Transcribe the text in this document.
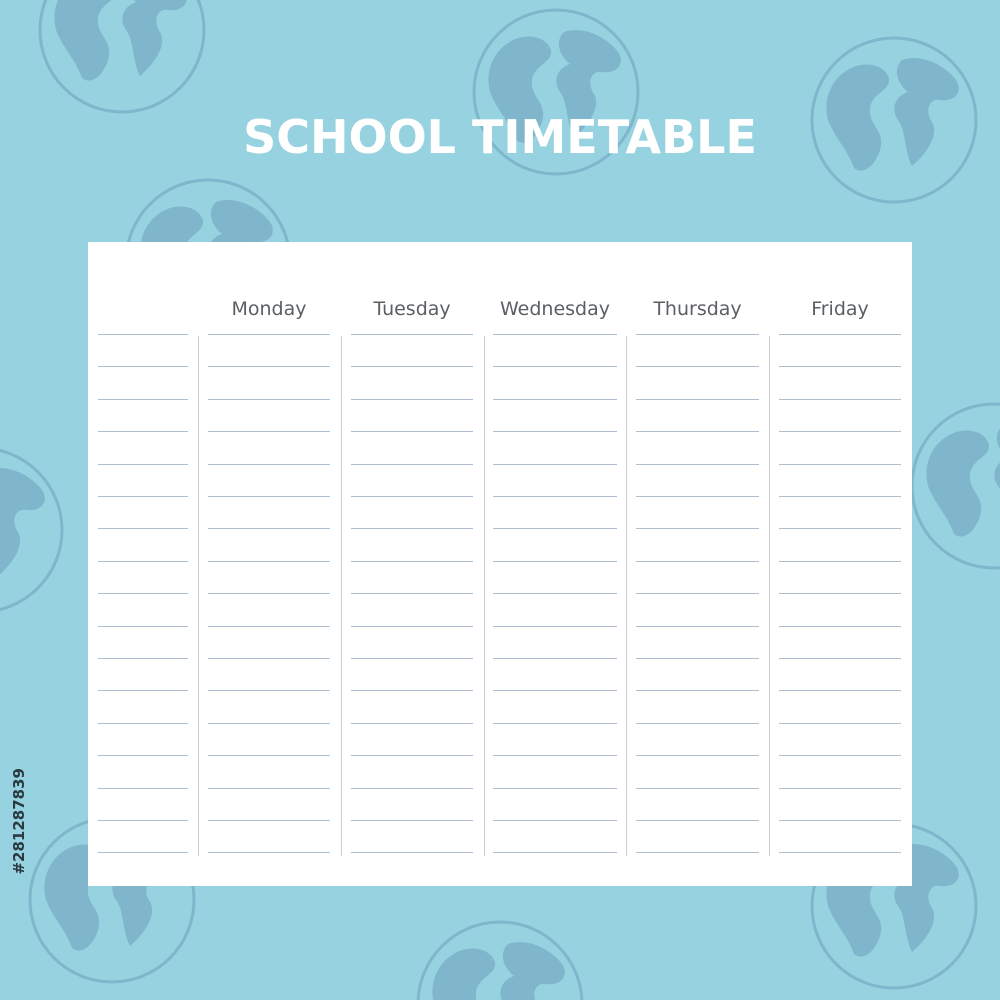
SCHOOL TIMETABLE
Monday	Tuesday	Wednesday	Thursday	Friday
#281287839
